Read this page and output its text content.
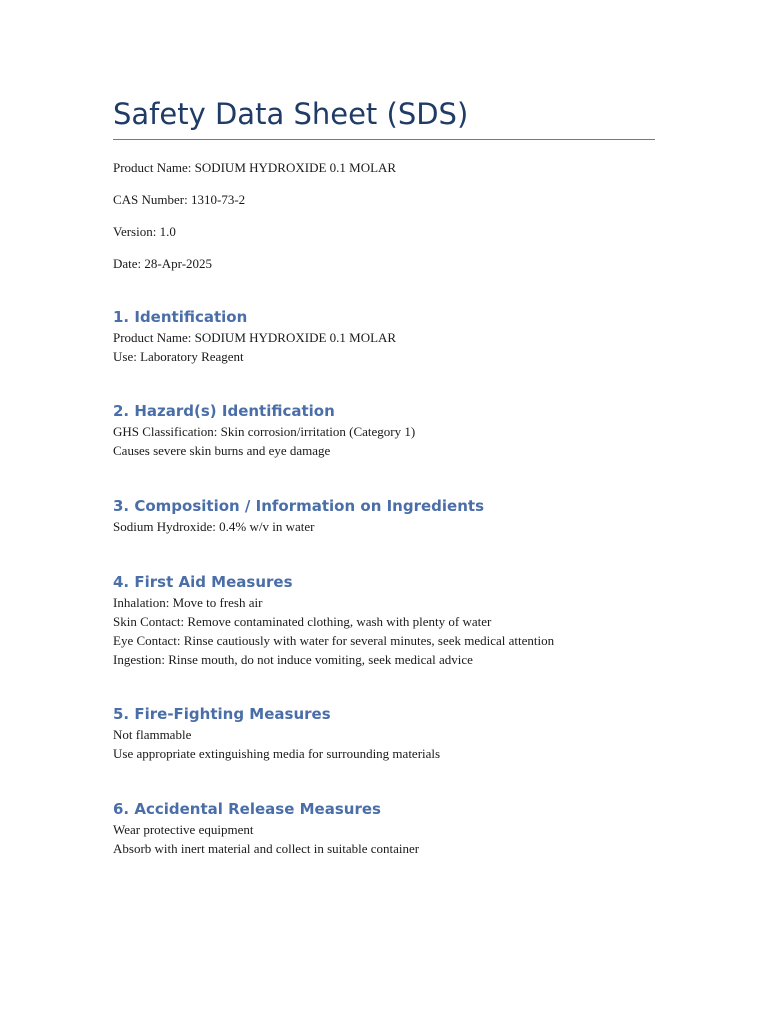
Safety Data Sheet (SDS)

Product Name: SODIUM HYDROXIDE 0.1 MOLAR

CAS Number: 1310-73-2

Version: 1.0

Date: 28-Apr-2025

1. Identification

Product Name: SODIUM HYDROXIDE 0.1 MOLAR

Use: Laboratory Reagent

2. Hazard(s) Identification

GHS Classification: Skin corrosion/irritation (Category 1)

Causes severe skin burns and eye damage

3. Composition / Information on Ingredients

Sodium Hydroxide: 0.4% w/v in water

4. First Aid Measures

Inhalation: Move to fresh air

Skin Contact: Remove contaminated clothing, wash with plenty of water

Eye Contact: Rinse cautiously with water for several minutes, seek medical attention

Ingestion: Rinse mouth, do not induce vomiting, seek medical advice

5. Fire-Fighting Measures

Not flammable

Use appropriate extinguishing media for surrounding materials

6. Accidental Release Measures

Wear protective equipment

Absorb with inert material and collect in suitable container
